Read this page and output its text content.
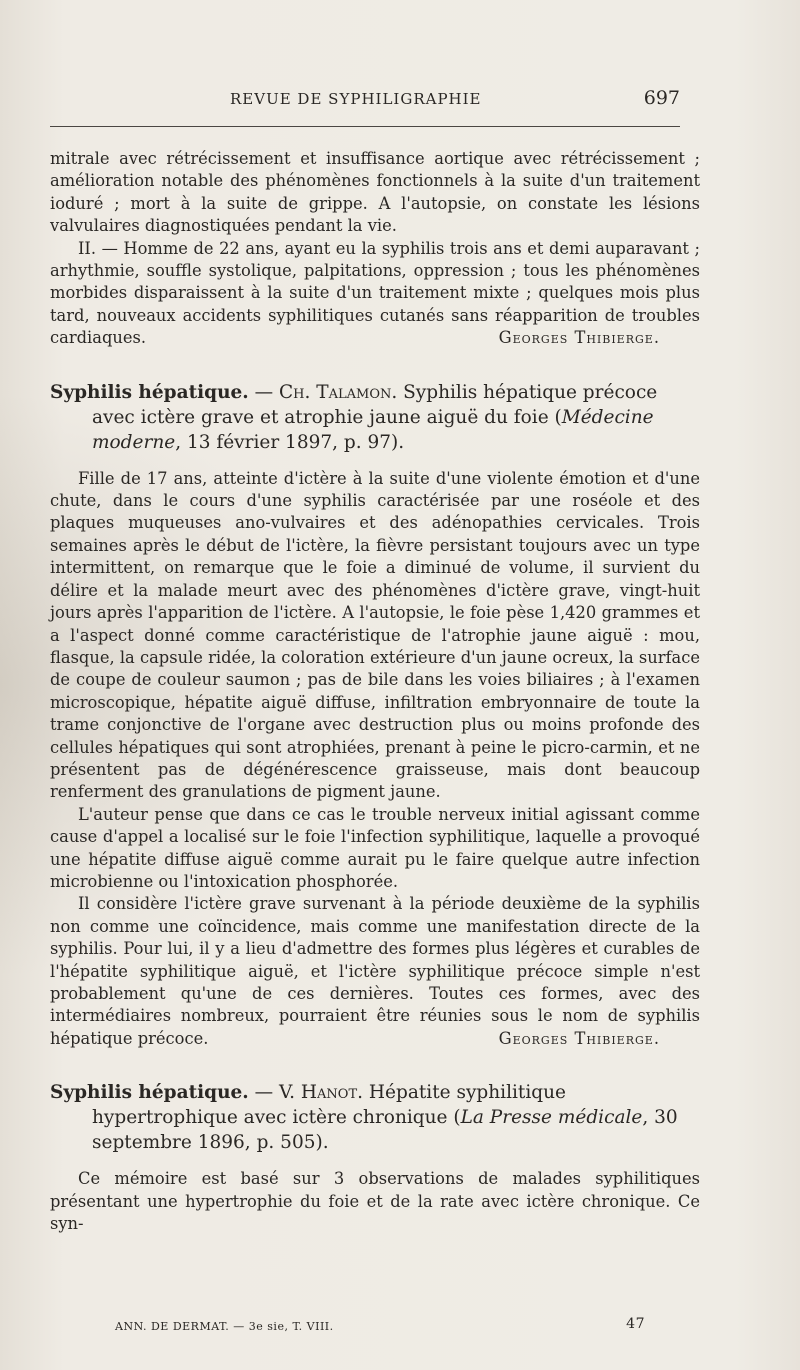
REVUE DE SYPHILIGRAPHIE	697

mitrale avec rétrécissement et insuffisance aortique avec rétrécissement ; amélioration notable des phénomènes fonctionnels à la suite d'un traitement ioduré ; mort à la suite de grippe. A l'autopsie, on constate les lésions valvulaires diagnostiquées pendant la vie.

II. — Homme de 22 ans, ayant eu la syphilis trois ans et demi auparavant ; arhythmie, souffle systolique, palpitations, oppression ; tous les phénomènes morbides disparaissent à la suite d'un traitement mixte ; quelques mois plus tard, nouveaux accidents syphilitiques cutanés sans réapparition de troubles cardiaques.	Georges Thibierge.

Syphilis hépatique. — Ch. Talamon. Syphilis hépatique précoce avec ictère grave et atrophie jaune aiguë du foie (Médecine moderne, 13 février 1897, p. 97).

Fille de 17 ans, atteinte d'ictère à la suite d'une violente émotion et d'une chute, dans le cours d'une syphilis caractérisée par une roséole et des plaques muqueuses ano-vulvaires et des adénopathies cervicales. Trois semaines après le début de l'ictère, la fièvre persistant toujours avec un type intermittent, on remarque que le foie a diminué de volume, il survient du délire et la malade meurt avec des phénomènes d'ictère grave, vingt-huit jours après l'apparition de l'ictère. A l'autopsie, le foie pèse 1,420 grammes et a l'aspect donné comme caractéristique de l'atrophie jaune aiguë : mou, flasque, la capsule ridée, la coloration extérieure d'un jaune ocreux, la surface de coupe de couleur saumon ; pas de bile dans les voies biliaires ; à l'examen microscopique, hépatite aiguë diffuse, infiltration embryonnaire de toute la trame conjonctive de l'organe avec destruction plus ou moins profonde des cellules hépatiques qui sont atrophiées, prenant à peine le picro-carmin, et ne présentent pas de dégénérescence graisseuse, mais dont beaucoup renferment des granulations de pigment jaune.

L'auteur pense que dans ce cas le trouble nerveux initial agissant comme cause d'appel a localisé sur le foie l'infection syphilitique, laquelle a provoqué une hépatite diffuse aiguë comme aurait pu le faire quelque autre infection microbienne ou l'intoxication phosphorée.

Il considère l'ictère grave survenant à la période deuxième de la syphilis non comme une coïncidence, mais comme une manifestation directe de la syphilis. Pour lui, il y a lieu d'admettre des formes plus légères et curables de l'hépatite syphilitique aiguë, et l'ictère syphilitique précoce simple n'est probablement qu'une de ces dernières. Toutes ces formes, avec des intermédiaires nombreux, pourraient être réunies sous le nom de syphilis hépatique précoce.	Georges Thibierge.

Syphilis hépatique. — V. Hanot. Hépatite syphilitique hypertrophique avec ictère chronique (La Presse médicale, 30 septembre 1896, p. 505).

Ce mémoire est basé sur 3 observations de malades syphilitiques présentant une hypertrophie du foie et de la rate avec ictère chronique. Ce syn-

ANN. DE DERMAT. — 3e sie, T. VIII.	47
